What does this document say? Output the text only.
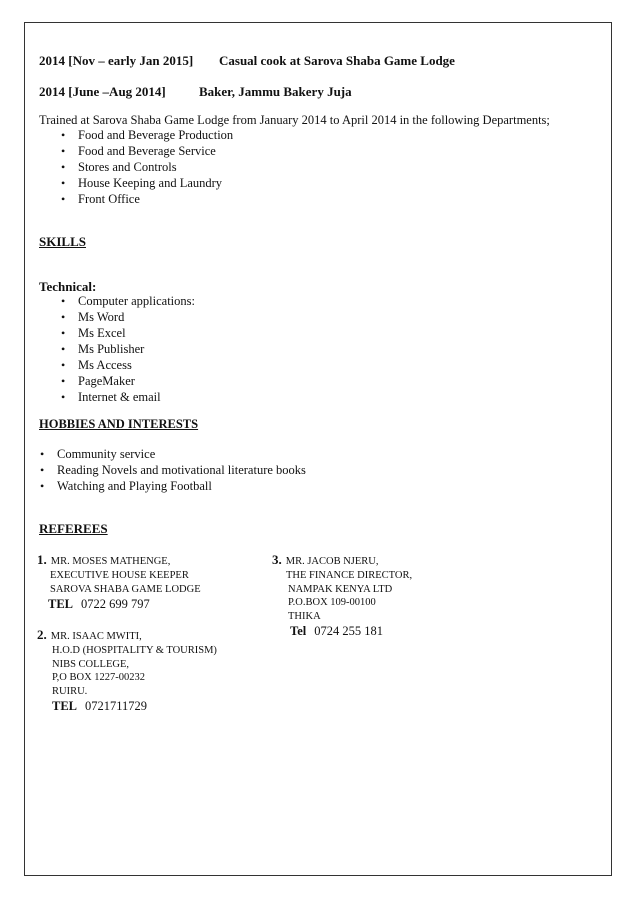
2014 [Nov – early Jan 2015] Casual cook at Sarova Shaba Game Lodge
2014 [June –Aug 2014]	Baker, Jammu Bakery Juja
Trained at Sarova Shaba Game Lodge from January 2014 to April 2014 in the following Departments;
• Food and Beverage Production
• Food and Beverage Service
• Stores and Controls
• House Keeping and Laundry
• Front Office
SKILLS
Technical:
• Computer applications:
• Ms Word
• Ms Excel
• Ms Publisher
• Ms Access
• PageMaker
• Internet & email
HOBBIES AND INTERESTS
• Community service
• Reading Novels and motivational literature books
• Watching and Playing Football
REFEREES
1. MR. MOSES MATHENGE,
EXECUTIVE HOUSE KEEPER
SAROVA SHABA GAME LODGE
TEL 0722 699 797
2. MR. ISAAC MWITI,
H.O.D (HOSPITALITY & TOURISM)
NIBS COLLEGE,
P,O BOX 1227-00232
RUIRU.
TEL 0721711729
3. MR. JACOB NJERU,
THE FINANCE DIRECTOR,
NAMPAK KENYA LTD
P.O.BOX 109-00100
THIKA
Tel 0724 255 181
